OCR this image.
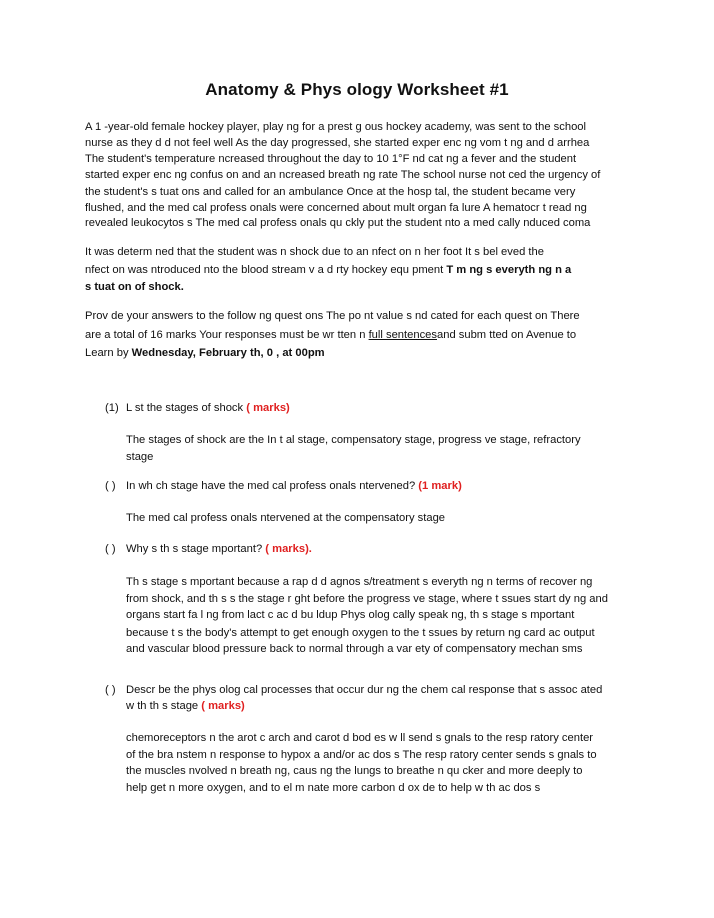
Anatomy & Phys ology Worksheet #1
A 1 -year-old female hockey player, play ng for a prest g ous hockey academy, was sent to the school
nurse as they d d not feel well As the day progressed, she started exper enc ng vom t ng and d arrhea
The student's temperature ncreased throughout the day to 10 1°F nd cat ng a fever and the student
started exper enc ng confus on and an ncreased breath ng rate The school nurse not ced the urgency of
the student's s tuat ons and called for an ambulance Once at the hosp tal, the student became very
flushed, and the med cal profess onals were concerned about mult organ fa lure A hematocr t read ng
revealed leukocytos s The med cal profess onals qu ckly put the student nto a med cally nduced coma
It was determ ned that the student was n shock due to an nfect on n her foot It s bel eved the
nfect on was ntroduced nto the blood stream v a d rty hockey equ pment T m ng s everyth ng n a
s tuat on of shock.
Prov de your answers to the follow ng quest ons The po nt value s nd cated for each quest on There
are a total of 16 marks Your responses must be wr tten n full sentencesand subm tted on Avenue to
Learn by Wednesday, February th, 0 , at 00pm
(1) L st the stages of shock ( marks)
The stages of shock are the In t al stage, compensatory stage, progress ve stage, refractory
stage
( ) In wh ch stage have the med cal profess onals ntervened? (1 mark)
The med cal profess onals ntervened at the compensatory stage
( ) Why s th s stage mportant? ( marks).
Th s stage s mportant because a rap d d agnos s/treatment s everyth ng n terms of recover ng
from shock, and th s s the stage r ght before the progress ve stage, where t ssues start dy ng and
organs start fa l ng from lact c ac d bu ldup Phys olog cally speak ng, th s stage s mportant
because t s the body's attempt to get enough oxygen to the t ssues by return ng card ac output
and vascular blood pressure back to normal through a var ety of compensatory mechan sms
( ) Descr be the phys olog cal processes that occur dur ng the chem cal response that s assoc ated
w th th s stage ( marks)
chemoreceptors n the arot c arch and carot d bod es w ll send s gnals to the resp ratory center
of the bra nstem n response to hypox a and/or ac dos s The resp ratory center sends s gnals to
the muscles nvolved n breath ng, caus ng the lungs to breathe n qu cker and more deeply to
help get n more oxygen, and to el m nate more carbon d ox de to help w th ac dos s
